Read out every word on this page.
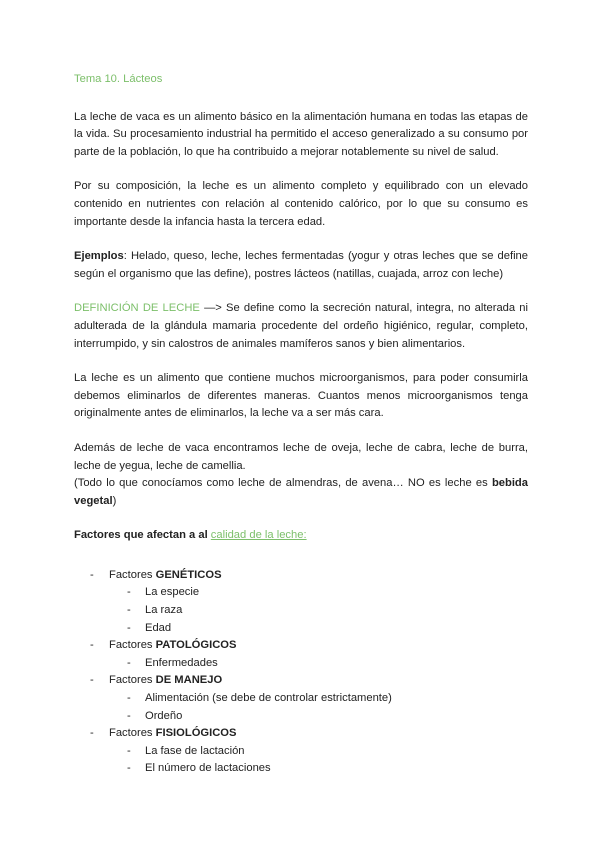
Tema 10. Lácteos

La leche de vaca es un alimento básico en la alimentación humana en todas las etapas de la vida. Su procesamiento industrial ha permitido el acceso generalizado a su consumo por parte de la población, lo que ha contribuido a mejorar notablemente su nivel de salud.

Por su composición, la leche es un alimento completo y equilibrado con un elevado contenido en nutrientes con relación al contenido calórico, por lo que su consumo es importante desde la infancia hasta la tercera edad.

Ejemplos: Helado, queso, leche, leches fermentadas (yogur y otras leches que se define según el organismo que las define), postres lácteos (natillas, cuajada, arroz con leche)

DEFINICIÓN DE LECHE —> Se define como la secreción natural, integra, no alterada ni adulterada de la glándula mamaria procedente del ordeño higiénico, regular, completo, interrumpido, y sin calostros de animales mamíferos sanos y bien alimentarios.

La leche es un alimento que contiene muchos microorganismos, para poder consumirla debemos eliminarlos de diferentes maneras. Cuantos menos microorganismos tenga originalmente antes de eliminarlos, la leche va a ser más cara.

Además de leche de vaca encontramos leche de oveja, leche de cabra, leche de burra, leche de yegua, leche de camellia.
(Todo lo que conocíamos como leche de almendras, de avena… NO es leche es bebida vegetal)

Factores que afectan a al calidad de la leche:

- Factores GENÉTICOS
- La especie
- La raza
- Edad
- Factores PATOLÓGICOS
- Enfermedades
- Factores DE MANEJO
- Alimentación (se debe de controlar estrictamente)
- Ordeño
- Factores FISIOLÓGICOS
- La fase de lactación
- El número de lactaciones
